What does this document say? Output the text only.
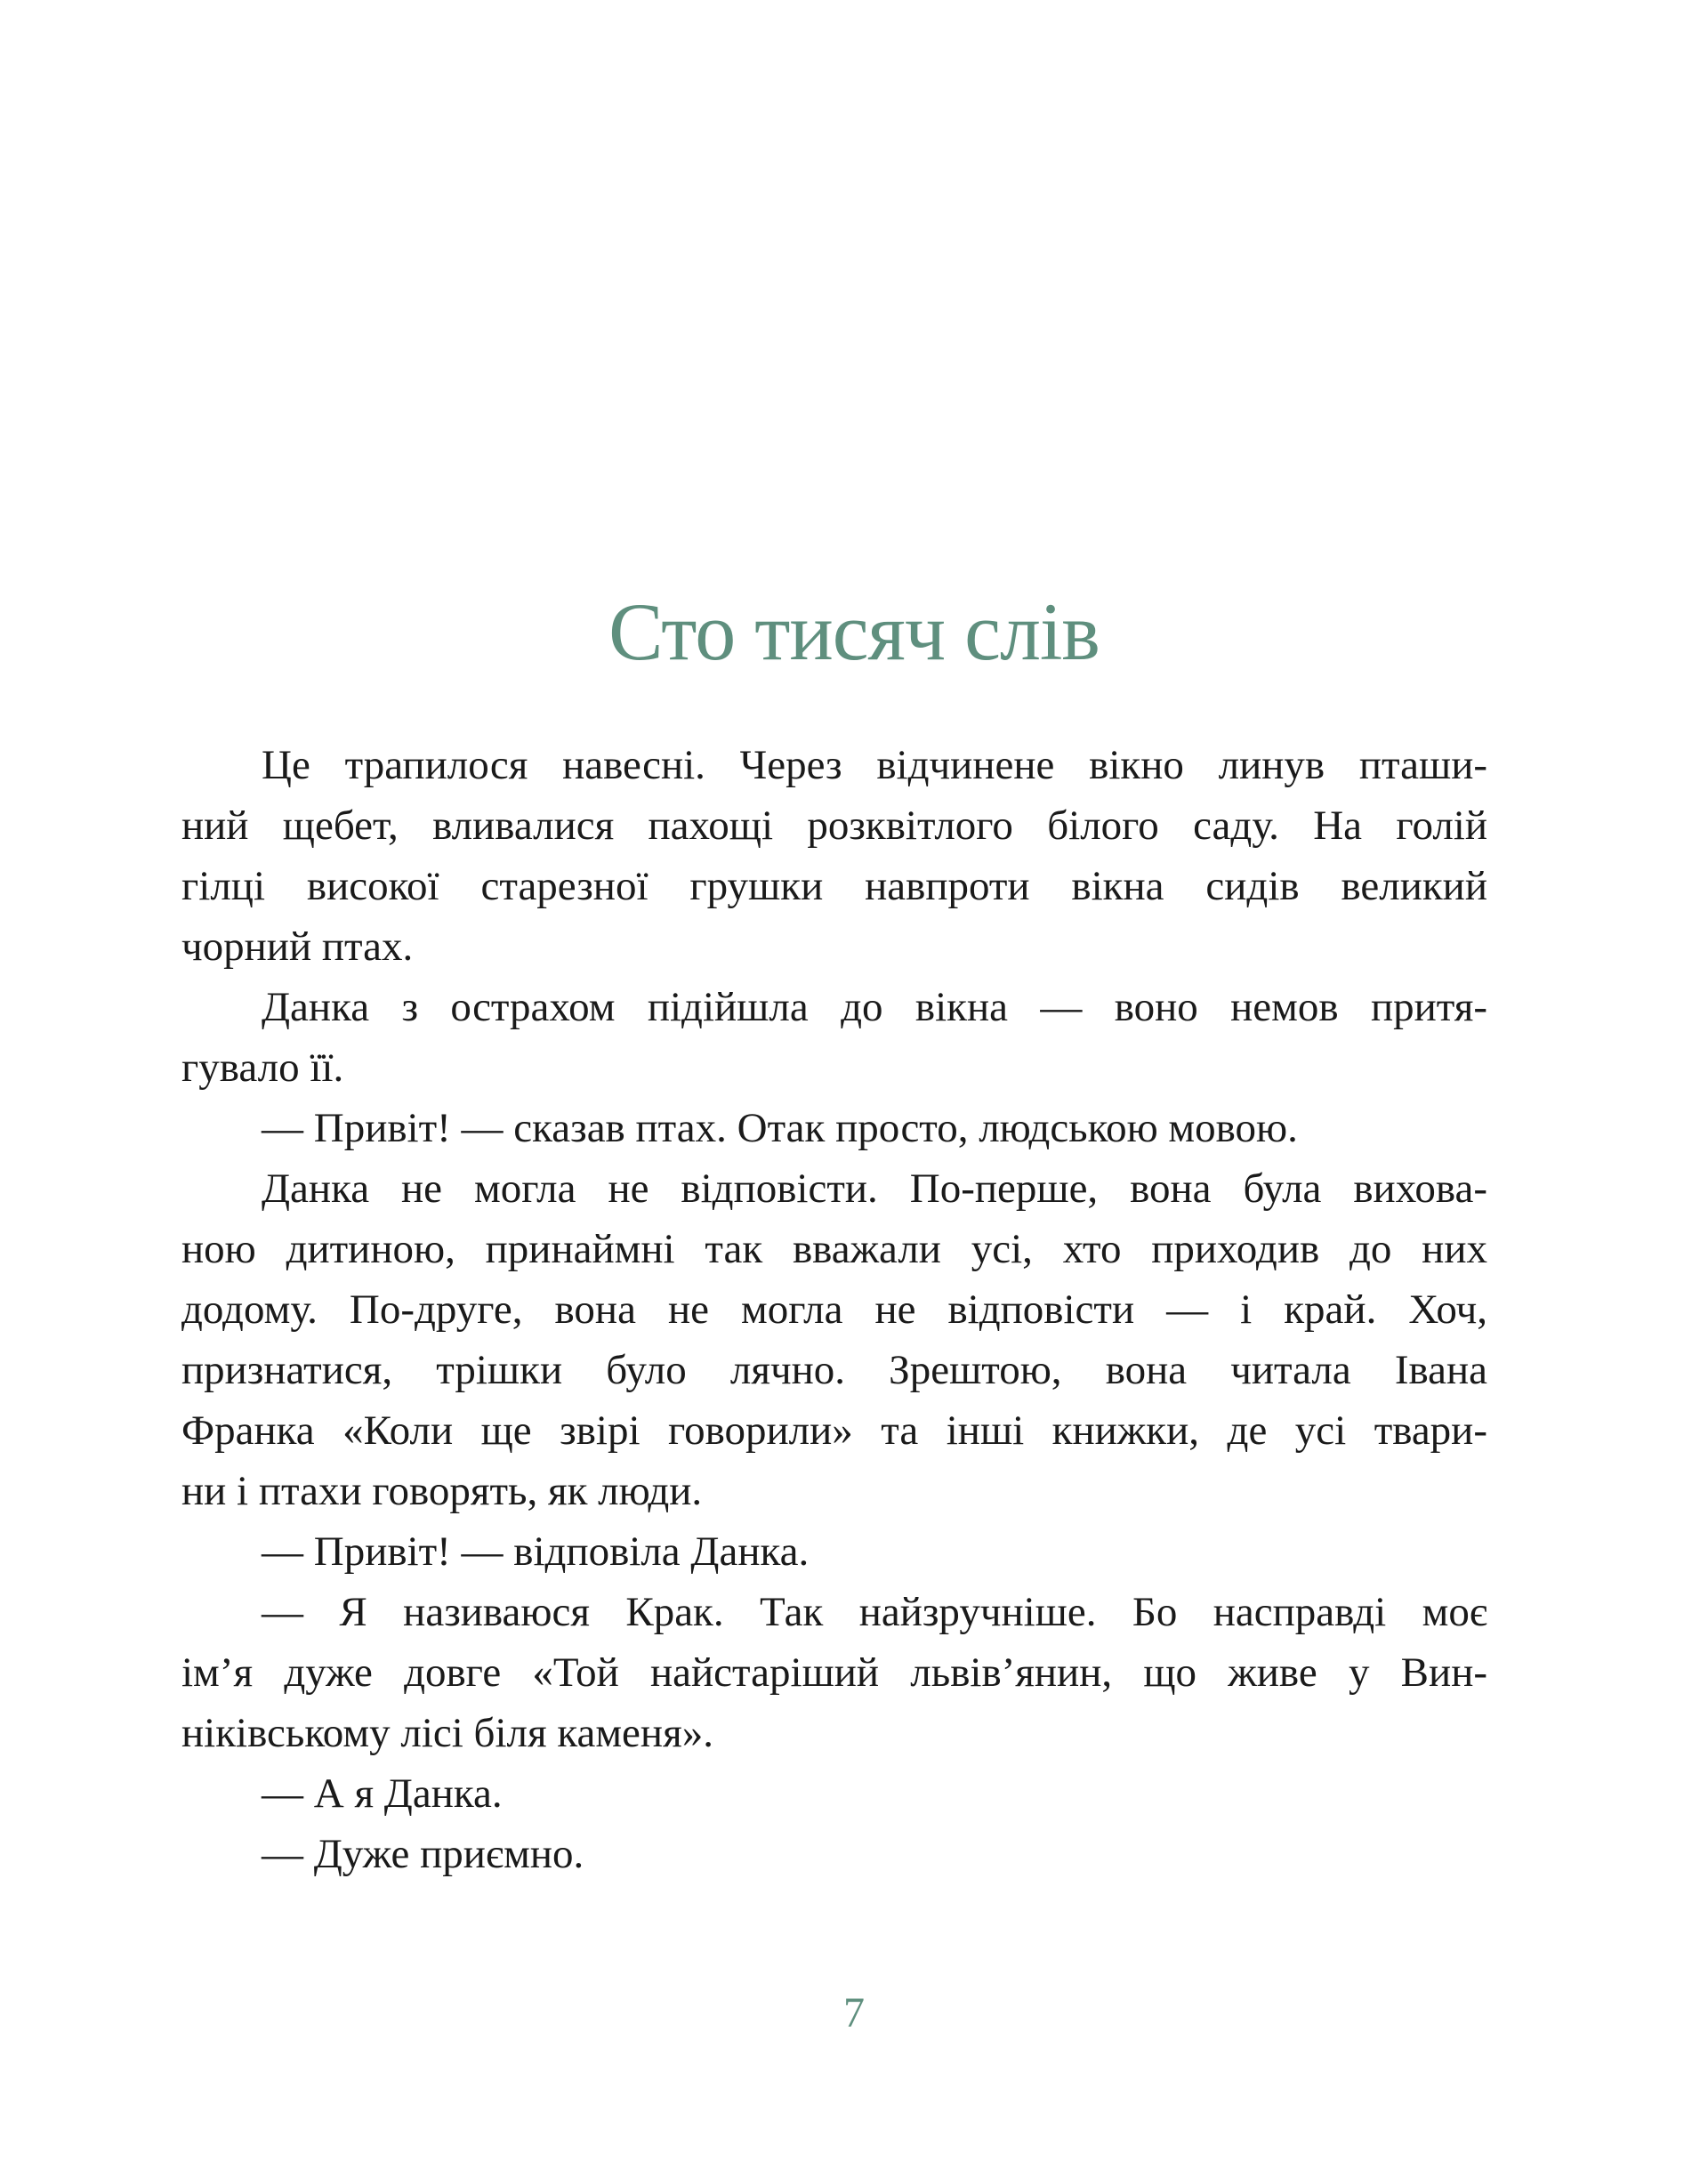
Сто тисяч слів
Це трапилося навесні. Через відчинене вікно линув пташи-
ний щебет, вливалися пахощі розквітлого білого саду. На голій
гілці високої старезної грушки навпроти вікна сидів великий
чорний птах.
Данка з острахом підійшла до вікна — воно немов притя-
гувало її.
— Привіт! — сказав птах. Отак просто, людською мовою.
Данка не могла не відповісти. По-перше, вона була вихова-
ною дитиною, принаймні так вважали усі, хто приходив до них
додому. По-друге, вона не могла не відповісти — і край. Хоч,
признатися, трішки було лячно. Зрештою, вона читала Івана
Франка «Коли ще звірі говорили» та інші книжки, де усі твари-
ни і птахи говорять, як люди.
— Привіт! — відповіла Данка.
— Я називаюся Крак. Так найзручніше. Бо насправді моє
ім’я дуже довге «Той найстаріший львів’янин, що живе у Вин-
ніківському лісі біля каменя».
— А я Данка.
— Дуже приємно.
7
